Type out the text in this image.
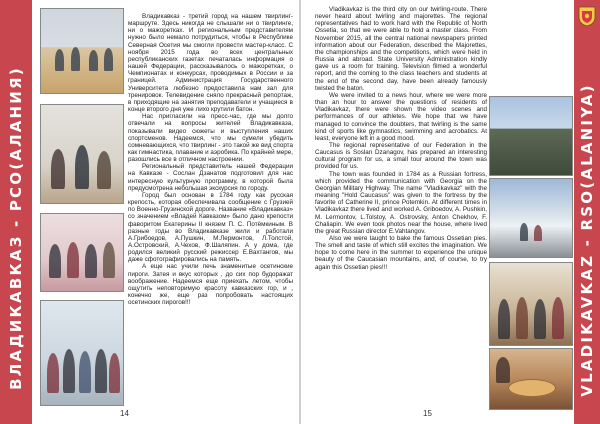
ВЛАДИКАВКАЗ - РСО(АЛАНИЯ)

Владикавказ - третий город на нашем твирлинг-маршруте. Здесь никогда не слышали ни о твирлинге, ни о мажоретках. И региональным представителям нужно было немало потрудиться, чтобы в Республике Северная Осетия мы смогли провести мастер-класс. С ноября 2015 года во всех центральных республиканских газетах печаталась информация о нашей Федерации, рассказывалось о мажоретках, о Чемпионатах и конкурсах, проводимых в России и за границей. Администрация Государственного Университета любезно предоставила нам зал для тренировок. Телевидение сняло прекрасный репортаж, в приходящие на занятия преподаватели и учащиеся в конце второго дня уже лихо крутили батон.

Нас пригласили на пресс-час, где мы долго отвечали на вопросы жителей Владикавказа, показывали видео сюжеты и выступления наших спортсменов. Надеемся, что мы сумели убедить сомневающихся, что твирлинг - это такой же вид спорта как гимнастика, плавание и аэробика. По крайней мере, разошлись все в отличном настроении.

Региональный представитель нашей Федерации на Кавказе - Сослан Дзанатов подготовил для нас интересную культурную программу, в которой была предусмотрена небольшая экскурсия по городу.

Город был основан в 1784 году как русская крепость, которая обеспечивала сообщение с Грузией по Военно-Грузинской дороге. Название «Владикавказ» со значением «Владей Кавказом» было дано крепости фаворитом Екатерины II князем П. С. Потёмкиным. В разные годы во Владикавказе жили и работали А.Грибоедов, А.Пушкин, М.Лермонтов, Л.Толстой, А.Островский, А.Чехов, Ф.Шаляпин. А у дома, где родился великий русский режиссер Е.Вахтангов, мы даже сфотографировались на память.

А еще нас учили печь знаменитые осетинские пироги. Затея и вкус которых , до сих пор будоражат воображение. Надеемся еще приехать летом, чтобы ощутить неповторимую красоту кавказских гор, и , конечно же, еще раз попробовать настоящих осетинских пирогов!!!

14

Vladikavkaz is the third city on our twirling-route. There never heard about twirling and majorettes. The regional representatives had to work hard with the Republic of North Ossetia, so that we were able to hold a master class. From November 2015, all the central national newspapers printed information about our Federation, described the Majorettes, the championships and the competitions, which were held in Russia and abroad. State University Administration kindly gave us a room for training. Television filmed a wonderful report, and the coming to the class teachers and students at the end of the second day, have been already famously twisted the baton.

We were invited to a news hour, where we were more than an hour to answer the questions of residents of Vladikavkaz, there were shown the video scenes and performances of our athletes. We hope that we have managed to convince the doubters, that twirling is the same kind of sports like gymnastics, swimming and acrobatics. At least, everyone left in a good mood.

The regional representative of our Federation in the Caucasus is Soslan Dzanagov, has prepared an interesting cultural program for us, a small tour around the town was provided for us.

The town was founded in 1784 as a Russian fortress, which provided the communication with Georgia on the Georgian Military Highway. The name "Vladikavkaz" with the meaning "Hold Caucasus" was given to the fortress by the favorite of Catherine II, prince Potemkin. At different times in Vladikavkaz there lived and worked A. Griboedov, A. Pushkin, M. Lermontov, L.Tolstoy, A. Ostrovsky, Anton Chekhov, F. Chaliapin. We even took photos near the house, where lived the great Russian director E.Vahtangov.

Also we were taught to bake the famous Ossetian pies. The smell and taste of which still excites the imagination. We hope to come here in the summer to experience the unique beauty of the Caucasian mountains, and, of course, to try again this Ossetian pies!!!	VLADIKAVKAZ - RSO(ALANIYA)
15
